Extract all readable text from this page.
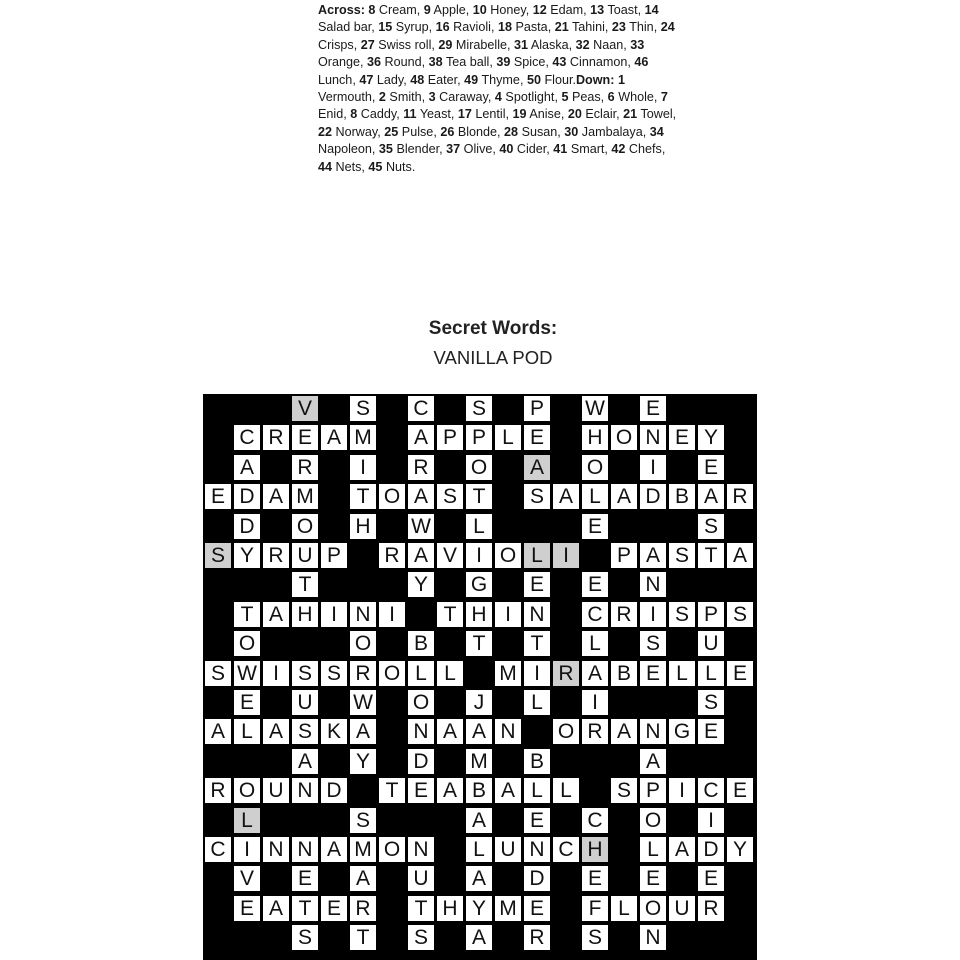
Across: 8 Cream, 9 Apple, 10 Honey, 12 Edam, 13 Toast, 14 Salad bar, 15 Syrup, 16 Ravioli, 18 Pasta, 21 Tahini, 23 Thin, 24 Crisps, 27 Swiss roll, 29 Mirabelle, 31 Alaska, 32 Naan, 33 Orange, 36 Round, 38 Tea ball, 39 Spice, 43 Cinnamon, 46 Lunch, 47 Lady, 48 Eater, 49 Thyme, 50 Flour.Down: 1 Vermouth, 2 Smith, 3 Caraway, 4 Spotlight, 5 Peas, 6 Whole, 7 Enid, 8 Caddy, 11 Yeast, 17 Lentil, 19 Anise, 20 Eclair, 21 Towel, 22 Norway, 25 Pulse, 26 Blonde, 28 Susan, 30 Jambalaya, 34 Napoleon, 35 Blender, 37 Olive, 40 Cider, 41 Smart, 42 Chefs, 44 Nets, 45 Nuts.
Secret Words:
VANILLA POD
V S C S P W E
C R E A M A P P L E H O N E Y
A R	I	R O A O	I	E
E D A M	T O A S T	S A L A D B A R
D O H W	L	E	S
S Y R U P R A V I O L I	P A S T A
T	Y G E E N
T A H I N I	T H I N C R I S P S
O	O B	T	T	L	S U
S W I S S R O L L	M I R A B E L L E
E U W O	J	L	I	S
A L A S K A N A A N O R A N G E
A Y D M B	A
R O U N D	T E A B A L L	S P I C E
L	S	A E C O	I
C I N N A M O N	L U N C H	L A D Y
V E A U A D E E E
E A T E R	T H Y M E	F L O U R
S	T	S A R S N
